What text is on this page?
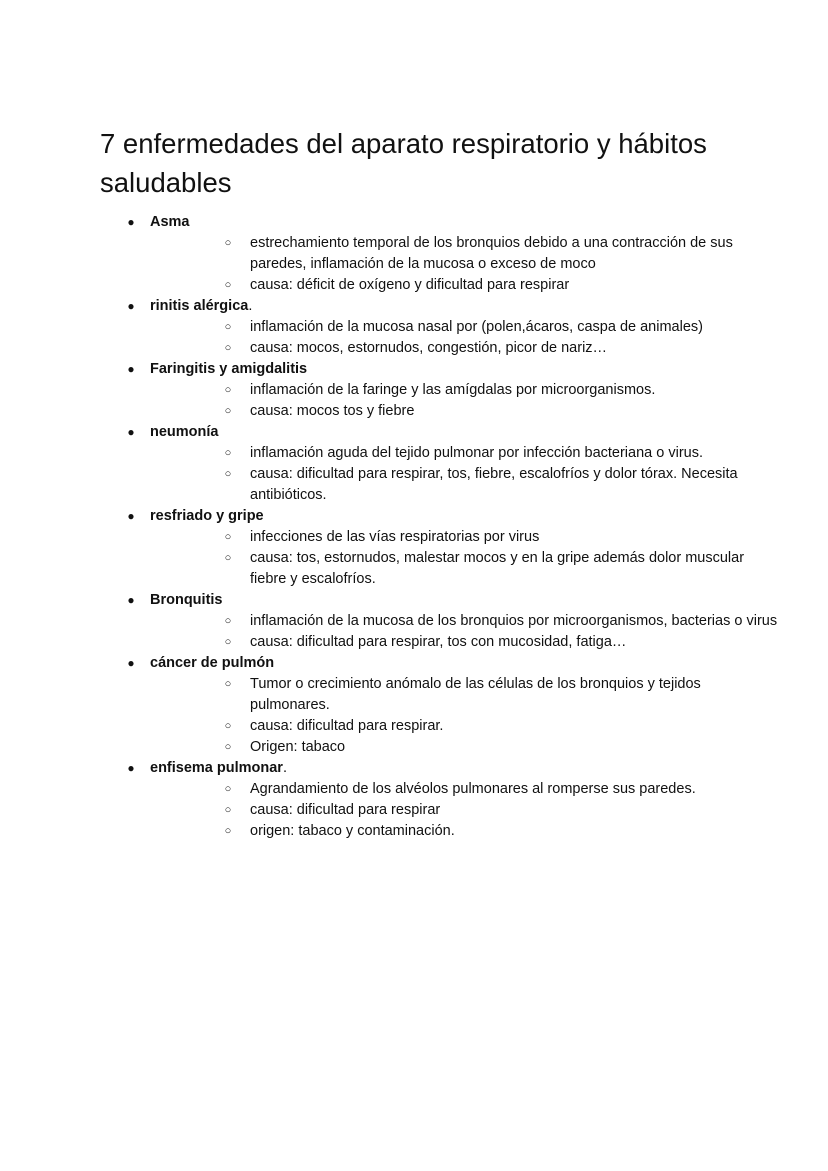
7 enfermedades del aparato respiratorio y hábitos saludables
● Asma
○ estrechamiento temporal de los bronquios debido a una contracción de sus paredes, inflamación de la mucosa o exceso de moco
○ causa: déficit de oxígeno y dificultad para respirar
● rinitis alérgica.
○ inflamación de la mucosa nasal por (polen,ácaros, caspa de animales)
○ causa: mocos, estornudos, congestión, picor de nariz…
● Faringitis y amigdalitis
○ inflamación de la faringe y las amígdalas por microorganismos.
○ causa: mocos tos y fiebre
● neumonía
○ inflamación aguda del tejido pulmonar por infección bacteriana o virus.
○ causa: dificultad para respirar, tos, fiebre, escalofríos y dolor tórax. Necesita antibióticos.
● resfriado y gripe
○ infecciones de las vías respiratorias por virus
○ causa: tos, estornudos, malestar mocos y en la gripe además dolor muscular fiebre y escalofríos.
● Bronquitis
○ inflamación de la mucosa de los bronquios por microorganismos, bacterias o virus
○ causa: dificultad para respirar, tos con mucosidad, fatiga…
● cáncer de pulmón
○ Tumor o crecimiento anómalo de las células de los bronquios y tejidos pulmonares.
○ causa: dificultad para respirar.
○ Origen: tabaco
● enfisema pulmonar.
○ Agrandamiento de los alvéolos pulmonares al romperse sus paredes.
○ causa: dificultad para respirar
○ origen: tabaco y contaminación.
